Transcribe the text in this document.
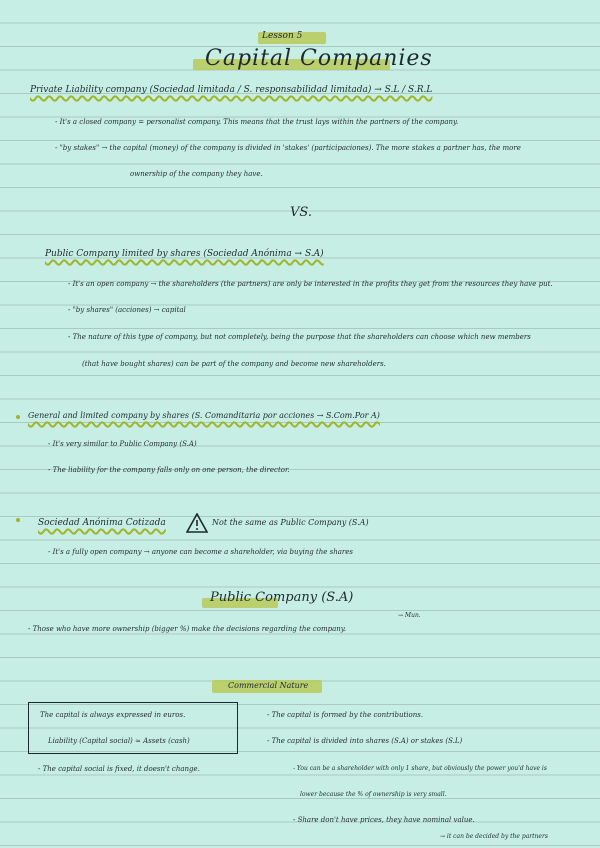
Lesson 5
Capital Companies
Private Liability company (Sociedad limitada / S. responsabilidad limitada) → S.L / S.R.L
- It's a closed company = personalist company. This means that the trust lays within the partners of the company.
- "by stakes" → the capital (money) of the company is divided in 'stakes' (participaciones). The more stakes a partner has, the more
ownership of the company they have.
VS.
Public Company limited by shares (Sociedad Anónima → S.A)
- It's an open company → the shareholders (the partners) are only be interested in the profits they get from the resources they have put.
- "by shares" (acciones) → capital
- The nature of this type of company, but not completely, being the purpose that the shareholders can choose which new members
(that have bought shares) can be part of the company and become new shareholders.
General and limited company by shares (S. Comanditaria por acciones → S.Com.Por A)
- It's very similar to Public Company (S.A)
- The liability for the company falls only on one person, the director.
Sociedad Anónima Cotizada	Not the same as Public Company (S.A)
- It's a fully open company → anyone can become a shareholder, via buying the shares
Public Company (S.A)
→ Mun.
- Those who have more ownership (bigger %) make the decisions regarding the company.
Commercial Nature
The capital is always expressed in euros.
Liability (Capital social) ≈ Assets (cash)
- The capital social is fixed, it doesn't change.
- The capital is formed by the contributions.
- The capital is divided into shares (S.A) or stakes (S.L)
- You can be a shareholder with only 1 share, but obviously the power you'd have is
lower because the % of ownership is very small.
- Share don't have prices, they have nominal value.
→ it can be decided by the partners
